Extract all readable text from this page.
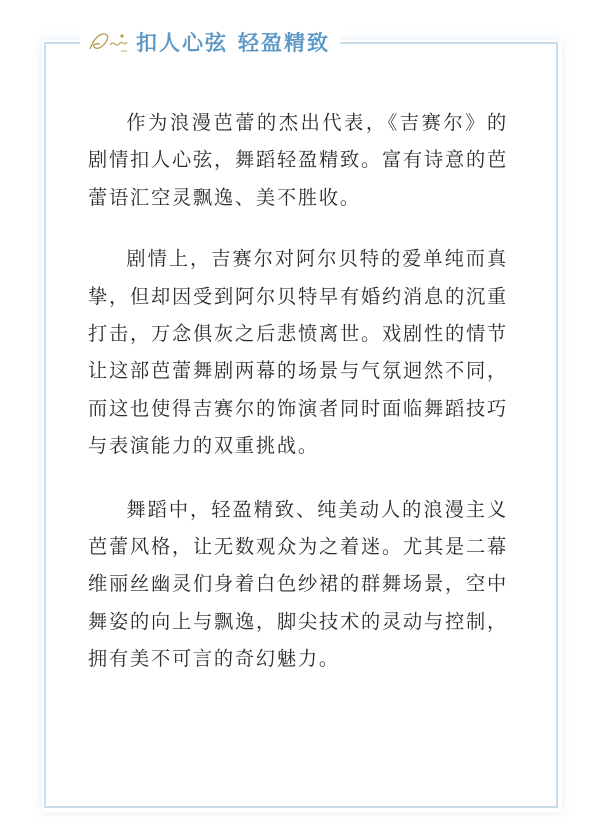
扣人心弦 轻盈精致

作为浪漫芭蕾的杰出代表，《吉赛尔》的剧情扣人心弦，舞蹈轻盈精致。富有诗意的芭蕾语汇空灵飘逸、美不胜收。

剧情上，吉赛尔对阿尔贝特的爱单纯而真挚，但却因受到阿尔贝特早有婚约消息的沉重打击，万念俱灰之后悲愤离世。戏剧性的情节让这部芭蕾舞剧两幕的场景与气氛迥然不同，而这也使得吉赛尔的饰演者同时面临舞蹈技巧与表演能力的双重挑战。

舞蹈中，轻盈精致、纯美动人的浪漫主义芭蕾风格，让无数观众为之着迷。尤其是二幕维丽丝幽灵们身着白色纱裙的群舞场景，空中舞姿的向上与飘逸，脚尖技术的灵动与控制，拥有美不可言的奇幻魅力。
